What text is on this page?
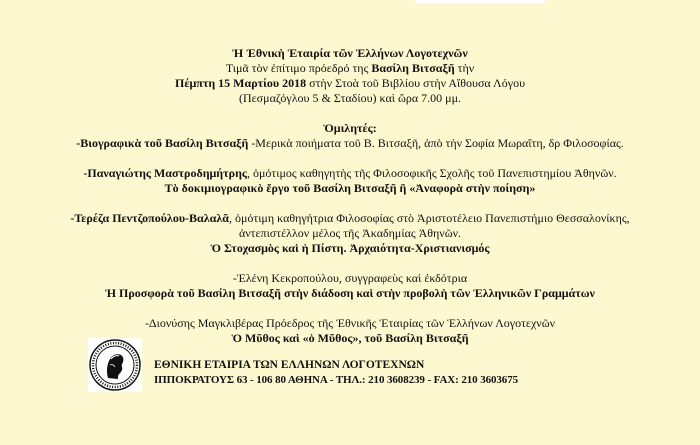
Ἡ Ἐθνικὴ Ἑταιρία τῶν Ἑλλήνων Λογοτεχνῶν
Τιμᾶ τὸν ἐπίτιμο πρόεδρό της Βασίλη Βιτσαξῆ τὴν
Πέμπτη 15 Μαρτίου 2018 στὴν Στοὰ τοῦ Βιβλίου στὴν Αἴθουσα Λόγου
(Πεσμαζόγλου 5 & Σταδίου) καὶ ὥρα 7.00 μμ.
Ὁμιλητές:
-Βιογραφικὰ τοῦ Βασίλη Βιτσαξῆ -Μερικὰ ποιήματα τοῦ Β. Βιτσαξῆ, ἀπὸ τὴν Σοφία Μωραΐτη, δρ Φιλοσοφίας.
-Παναγιώτης Μαστροδημήτρης, ὁμότιμος καθηγητὴς τῆς Φιλοσοφικῆς Σχολῆς τοῦ Πανεπιστημίου Ἀθηνῶν.
Τὸ δοκιμιογραφικὸ ἔργο τοῦ Βασίλη Βιτσαξῆ ἢ «Ἀναφορὰ στὴν ποίηση»
-Τερέζα Πεντζοπούλου-Βαλαλᾶ, ὁμότιμη καθηγήτρια Φιλοσοφίας στὸ Ἀριστοτέλειο Πανεπιστήμιο Θεσσαλονίκης,
ἀντεπιστέλλον μέλος τῆς Ἀκαδημίας Ἀθηνῶν.
Ὁ Στοχασμὸς καὶ ἡ Πίστη. Ἀρχαιότητα-Χριστιανισμός
-Ἑλένη Κεκροπούλου, συγγραφεὺς καὶ ἐκδότρια
Ἡ Προσφορὰ τοῦ Βασίλη Βιτσαξῆ στὴν διάδοση καὶ στὴν προβολὴ τῶν Ἑλληνικῶν Γραμμάτων
-Διονύσης Μαγκλιβέρας Πρόεδρος τῆς Ἐθνικῆς Ἑταιρίας τῶν Ἑλλήνων Λογοτεχνῶν
Ὁ Μῦθος καὶ «ὁ Μῦθος», τοῦ Βασίλη Βιτσαξῆ
ΕΘΝΙΚΗ ΕΤΑΙΡΙΑ ΤΩΝ ΕΛΛΗΝΩΝ ΛΟΓΟΤΕΧΝΩΝ
ΙΠΠΟΚΡΑΤΟΥΣ 63 - 106 80 ΑΘΗΝΑ - ΤΗΛ.: 210 3608239 - FAX: 210 3603675
